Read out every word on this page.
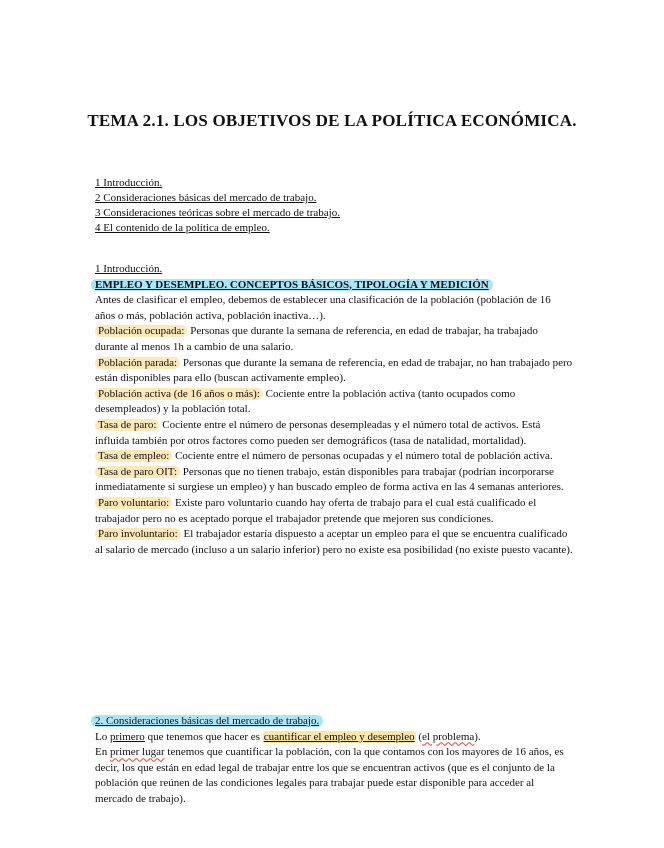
TEMA 2.1. LOS OBJETIVOS DE LA POLÍTICA ECONÓMICA.
1 Introducción.
2 Consideraciones básicas del mercado de trabajo.
3 Consideraciones teóricas sobre el mercado de trabajo.
4 El contenido de la política de empleo.

1 Introducción.

EMPLEO Y DESEMPLEO. CONCEPTOS BÁSICOS, TIPOLOGÍA Y MEDICIÓN

Antes de clasificar el empleo, debemos de establecer una clasificación de la población (población de 16 años o más, población activa, población inactiva…).

Población ocupada: Personas que durante la semana de referencia, en edad de trabajar, ha trabajado durante al menos 1h a cambio de una salario.

Población parada: Personas que durante la semana de referencia, en edad de trabajar, no han trabajado pero están disponibles para ello (buscan activamente empleo).

Población activa (de 16 años o más): Cociente entre la población activa (tanto ocupados como desempleados) y la población total.

Tasa de paro: Cociente entre el número de personas desempleadas y el número total de activos. Está influida también por otros factores como pueden ser demográficos (tasa de natalidad, mortalidad).

Tasa de empleo: Cociente entre el número de personas ocupadas y el número total de población activa.

Tasa de paro OIT: Personas que no tienen trabajo, están disponibles para trabajar (podrían incorporarse inmediatamente si surgiese un empleo) y han buscado empleo de forma activa en las 4 semanas anteriores.

Paro voluntario: Existe paro voluntario cuando hay oferta de trabajo para el cual está cualificado el trabajador pero no es aceptado porque el trabajador pretende que mejoren sus condiciones.

Paro involuntario: El trabajador estaría dispuesto a aceptar un empleo para el que se encuentra cualificado al salario de mercado (incluso a un salario inferior) pero no existe esa posibilidad (no existe puesto vacante).

2. Consideraciones básicas del mercado de trabajo.

Lo primero que tenemos que hacer es cuantificar el empleo y desempleo (el problema).

En primer lugar tenemos que cuantificar la población, con la que contamos con los mayores de 16 años, es decir, los que están en edad legal de trabajar entre los que se encuentran activos (que es el conjunto de la población que reúnen de las condiciones legales para trabajar puede estar disponible para acceder al mercado de trabajo).
